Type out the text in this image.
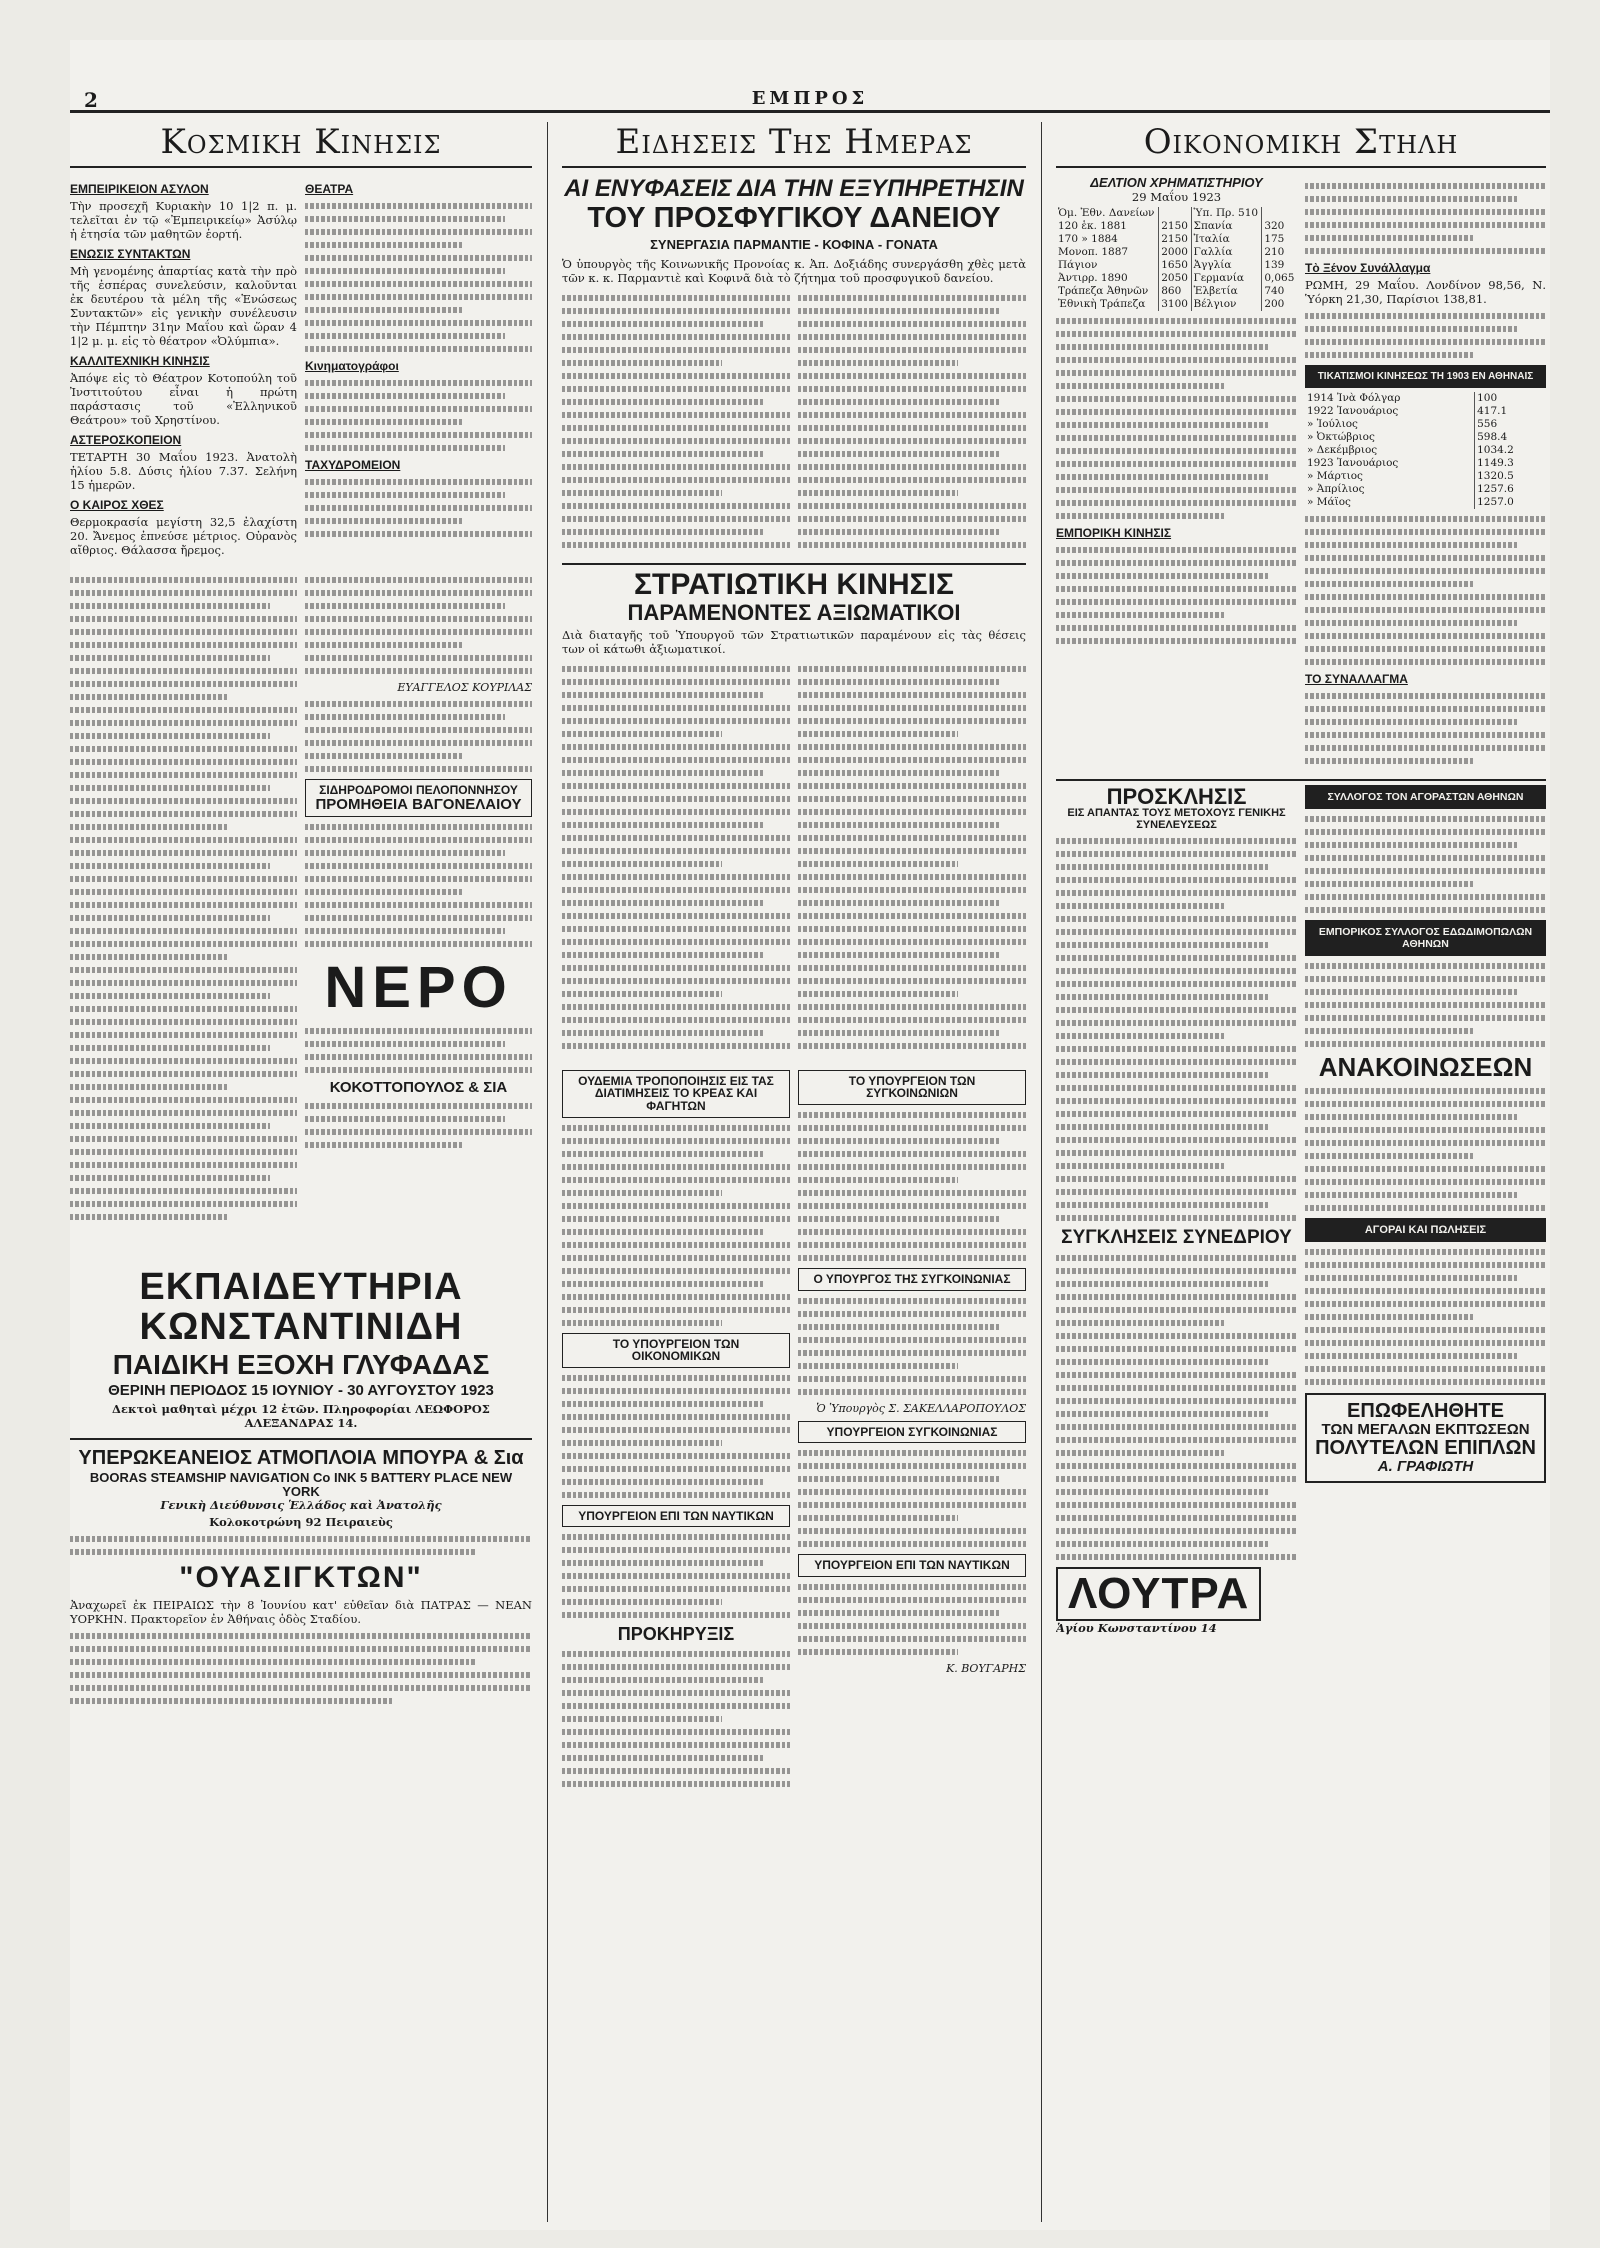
2	ΕΜΠΡΟΣ
Κοσμικη Κινησις
ΕΜΠΕΙΡΙΚΕΙΟΝ ΑΣΥΛΟΝ
Τὴν προσεχῆ Κυριακὴν 10 1|2 π. μ. τελεῖται ἐν τῷ «Ἐμπειρικείῳ» Ἀσύλῳ ἡ ἐτησία τῶν μαθητῶν ἑορτή.
ΕΝΩΣΙΣ ΣΥΝΤΑΚΤΩΝ
Μὴ γενομένης ἀπαρτίας κατὰ τὴν πρὸ τῆς ἐσπέρας συνελεύσιν, καλοῦνται ἐκ δευτέρου τὰ μέλη τῆς «Ἑνώσεως Συντακτῶν» εἰς γενικὴν συνέλευσιν τὴν Πέμπτην 31ην Μαΐου καὶ ὥραν 4 1|2 μ. μ. εἰς τὸ θέατρον «Ὀλύμπια».
ΚΑΛΛΙΤΕΧΝΙΚΗ ΚΙΝΗΣΙΣ
Ἀπόψε εἰς τὸ Θέατρον Κοτοπούλη τοῦ Ἰνστιτούτου εἶναι ἡ πρώτη παράστασις τοῦ «Ἐλληνικοῦ Θεάτρου» τοῦ Χρηστίνου.
ΑΣΤΕΡΟΣΚΟΠΕΙΟΝ
ΤΕΤΑΡΤΗ 30 Μαΐου 1923. Ἀνατολὴ ἡλίου 5.8. Δύσις ἡλίου 7.37. Σελήνη 15 ἡμερῶν.
Ο ΚΑΙΡΟΣ ΧΘΕΣ
Θερμοκρασία μεγίστη 32,5 ἐλαχίστη 20. Ἄνεμος ἐπνεύσε μέτριος. Οὐρανὸς αἴθριος. Θάλασσα ἤρεμος.
ΘΕΑΤΡΑ
Κινηματογράφοι
ΤΑΧΥΔΡΟΜΕΙΟΝ
ΕΥΑΓΓΕΛΟΣ ΚΟΥΡΙΛΑΣ
ΣΙΔΗΡΟΔΡΟΜΟΙ ΠΕΛΟΠΟΝΝΗΣΟΥ
ΠΡΟΜΗΘΕΙΑ ΒΑΓΟΝΕΛΑΙΟΥ
ΝΕΡΟ
ΚΟΚΟΤΤΟΠΟΥΛΟΣ & ΣΙΑ
ΕΚΠΑΙΔΕΥΤΗΡΙΑ ΚΩΝΣΤΑΝΤΙΝΙΔΗ
ΠΑΙΔΙΚΗ ΕΞΟΧΗ ΓΛΥΦΑΔΑΣ
ΘΕΡΙΝΗ ΠΕΡΙΟΔΟΣ 15 ΙΟΥΝΙΟΥ - 30 ΑΥΓΟΥΣΤΟΥ 1923
Δεκτοὶ μαθηταὶ μέχρι 12 ἐτῶν. Πληροφορίαι ΛΕΩΦΟΡΟΣ ΑΛΕΞΑΝΔΡΑΣ 14.
ΥΠΕΡΩΚΕΑΝΕΙΟΣ ΑΤΜΟΠΛΟΙΑ ΜΠΟΥΡΑ & Σια
BOORAS STEAMSHIP NAVIGATION Co INK 5 BATTERY PLACE NEW YORK
Γενικὴ Διεύθυνσις Ἑλλάδος καὶ Ἀνατολῆς
Κολοκοτρώνη 92 Πειραιεὺς
"ΟΥΑΣΙΓΚΤΩΝ"
Ἀναχωρεῖ ἐκ ΠΕΙΡΑΙΩΣ τὴν 8 Ἰουνίου κατ' εὐθεῖαν διὰ ΠΑΤΡΑΣ — ΝΕΑΝ ΥΟΡΚΗΝ. Πρακτορεῖον ἐν Ἀθήναις ὁδὸς Σταδίου.
Ειδησεις Της Ημερας
ΑΙ ΕΝΥΦΑΣΕΙΣ ΔΙΑ ΤΗΝ ΕΞΥΠΗΡΕΤΗΣΙΝ
ΤΟΥ ΠΡΟΣΦΥΓΙΚΟΥ ΔΑΝΕΙΟΥ
ΣΥΝΕΡΓΑΣΙΑ ΠΑΡΜΑΝΤΙΕ - ΚΟΦΙΝΑ - ΓΟΝΑΤΑ
Ὁ ὑπουργὸς τῆς Κοινωνικῆς Προνοίας κ. Ἀπ. Δοξιάδης συνεργάσθη χθὲς μετὰ τῶν κ. κ. Παρμαντιὲ καὶ Κοφινᾶ διὰ τὸ ζήτημα τοῦ προσφυγικοῦ δανείου.
ΣΤΡΑΤΙΩΤΙΚΗ ΚΙΝΗΣΙΣ
ΠΑΡΑΜΕΝΟΝΤΕΣ ΑΞΙΩΜΑΤΙΚΟΙ
Διὰ διαταγῆς τοῦ Ὑπουργοῦ τῶν Στρατιωτικῶν παραμένουν εἰς τὰς θέσεις των οἱ κάτωθι ἀξιωματικοί.
ΟΥΔΕΜΙΑ ΤΡΟΠΟΠΟΙΗΣΙΣ ΕΙΣ ΤΑΣ ΔΙΑΤΙΜΗΣΕΙΣ ΤΟ ΚΡΕΑΣ ΚΑΙ ΦΑΓΗΤΩΝ
ΤΟ ΥΠΟΥΡΓΕΙΟΝ ΤΩΝ ΟΙΚΟΝΟΜΙΚΩΝ
ΥΠΟΥΡΓΕΙΟΝ ΕΠΙ ΤΩΝ ΝΑΥΤΙΚΩΝ
ΠΡΟΚΗΡΥΞΙΣ
ΤΟ ΥΠΟΥΡΓΕΙΟΝ ΤΩΝ ΣΥΓΚΟΙΝΩΝΙΩΝ
Ο ΥΠΟΥΡΓΟΣ ΤΗΣ ΣΥΓΚΟΙΝΩΝΙΑΣ
Ὁ Ὑπουργὸς Σ. ΣΑΚΕΛΛΑΡΟΠΟΥΛΟΣ
ΥΠΟΥΡΓΕΙΟΝ ΣΥΓΚΟΙΝΩΝΙΑΣ
ΥΠΟΥΡΓΕΙΟΝ ΕΠΙ ΤΩΝ ΝΑΥΤΙΚΩΝ
Κ. ΒΟΥΓΑΡΗΣ
Οικονομικη Στηλη
ΔΕΛΤΙΟΝ ΧΡΗΜΑΤΙΣΤΗΡΙΟΥ
29 Μαΐου 1923
Ὁμ. Ἐθν. Δανείων		Ὑπ. Πρ. 510	
120 ἑκ. 1881	2150	Σπανία	320
170 » 1884	2150	Ἰταλία	175
Μονοπ. 1887	2000	Γαλλία	210
Πάγιον	1650	Ἀγγλία	139
Ἀντιρρ. 1890	2050	Γερμανία	0,065
Τράπεζα Ἀθηνῶν	860	Ἐλβετία	740
Ἐθνικὴ Τράπεζα	3100	Βέλγιον	200
ΕΜΠΟΡΙΚΗ ΚΙΝΗΣΙΣ
Τὸ Ξένον Συνάλλαγμα
ΡΩΜΗ, 29 Μαΐου. Λονδίνον 98,56, Ν. Ὑόρκη 21,30, Παρίσιοι 138,81.
ΤΙΚΑΤΙΣΜΟΙ ΚΙΝΗΣΕΩΣ ΤΗ 1903 ΕΝ ΑΘΗΝΑΙΣ
1914 Ἰνὰ Φόλγαρ	100
1922 Ἰανουάριος	417.1
» Ἰούλιος	556
» Ὀκτώβριος	598.4
» Δεκέμβριος	1034.2
1923 Ἰανουάριος	1149.3
» Μάρτιος	1320.5
» Ἀπρίλιος	1257.6
» Μάϊος	1257.0
ΤΟ ΣΥΝΑΛΛΑΓΜΑ
ΠΡΟΣΚΛΗΣΙΣ
ΕΙΣ ΑΠΑΝΤΑΣ ΤΟΥΣ ΜΕΤΟΧΟΥΣ ΓΕΝΙΚΗΣ ΣΥΝΕΛΕΥΣΕΩΣ
ΣΥΓΚΛΗΣΕΙΣ ΣΥΝΕΔΡΙΟΥ
ΛΟΥΤΡΑ
Ἁγίου Κωνσταντίνου 14
ΣΥΛΛΟΓΟΣ ΤΟΝ ΑΓΟΡΑΣΤΩΝ ΑΘΗΝΩΝ
ΕΜΠΟΡΙΚΟΣ ΣΥΛΛΟΓΟΣ ΕΔΩΔΙΜΟΠΩΛΩΝ ΑΘΗΝΩΝ
ΑΝΑΚΟΙΝΩΣΕΩΝ
ΑΓΟΡΑΙ ΚΑΙ ΠΩΛΗΣΕΙΣ
ΕΠΩΦΕΛΗΘΗΤΕ
ΤΩΝ ΜΕΓΑΛΩΝ ΕΚΠΤΩΣΕΩΝ
ΠΟΛΥΤΕΛΩΝ ΕΠΙΠΛΩΝ
Α. ΓΡΑΦΙΩΤΗ
